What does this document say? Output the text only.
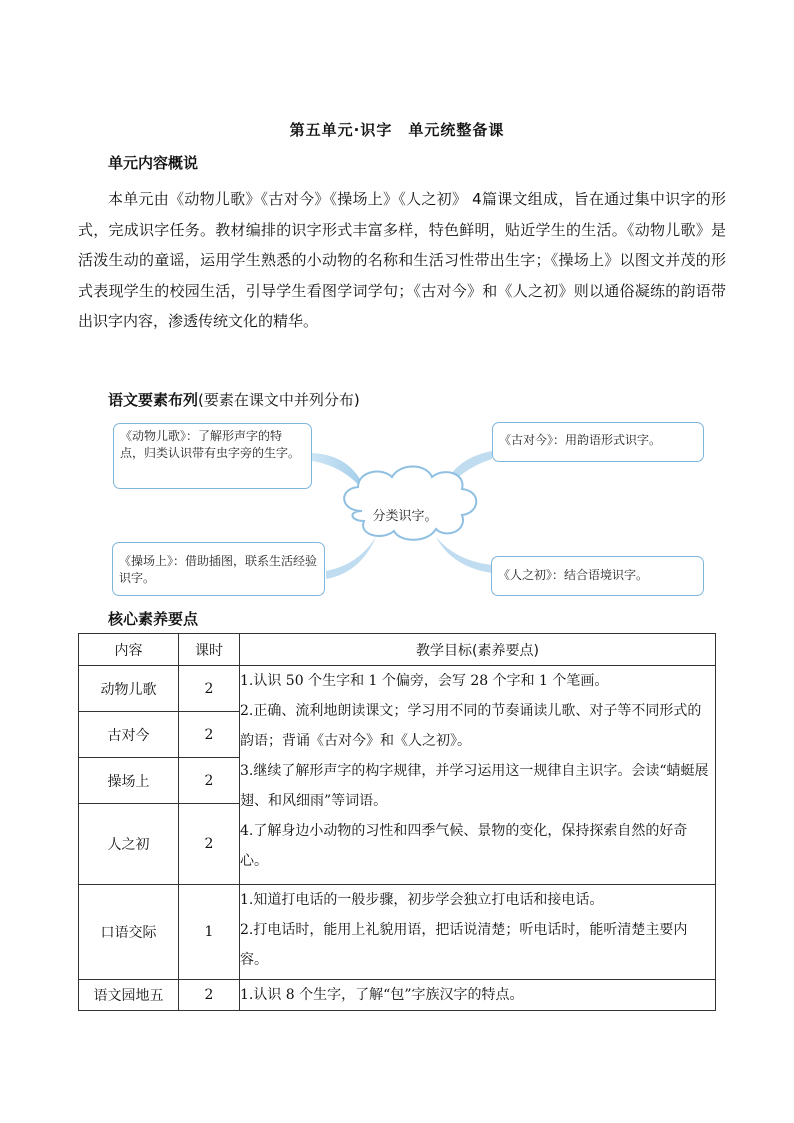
第五单元·识字　单元统整备课
单元内容概说

本单元由《动物儿歌》《古对今》《操场上》《人之初》 4篇课文组成，旨在通过集中识字的形式，完成识字任务。教材编排的识字形式丰富多样，特色鲜明，贴近学生的生活。《动物儿歌》是活泼生动的童谣，运用学生熟悉的小动物的名称和生活习性带出生字；《操场上》以图文并茂的形式表现学生的校园生活，引导学生看图学词学句；《古对今》和《人之初》则以通俗凝练的韵语带出识字内容，渗透传统文化的精华。

语文要素布列(要素在课文中并列分布)
《动物儿歌》：了解形声字的特点，归类认识带有虫字旁的生字。
《古对今》：用韵语形式识字。
分类识字。
《操场上》：借助插图，联系生活经验识字。	《人之初》：结合语境识字。
核心素养要点
内容	课时	教学目标(素养要点)
动物儿歌	2	1.认识 50 个生字和 1 个偏旁，会写 28 个字和 1 个笔画。
2.正确、流利地朗读课文；学习用不同的节奏诵读儿歌、对子等不同形式的韵语；背诵《古对今》和《人之初》。
3.继续了解形声字的构字规律，并学习运用这一规律自主识字。会读“蜻蜓展翅、和风细雨”等词语。
4.了解身边小动物的习性和四季气候、景物的变化，保持探索自然的好奇心。

古对今	2	
操场上	2	
人之初	2	
口语交际	1	1.知道打电话的一般步骤，初步学会独立打电话和接电话。
2.打电话时，能用上礼貌用语，把话说清楚；听电话时，能听清楚主要内容。

语文园地五	2	1.认识 8 个生字，了解“包”字族汉字的特点。
